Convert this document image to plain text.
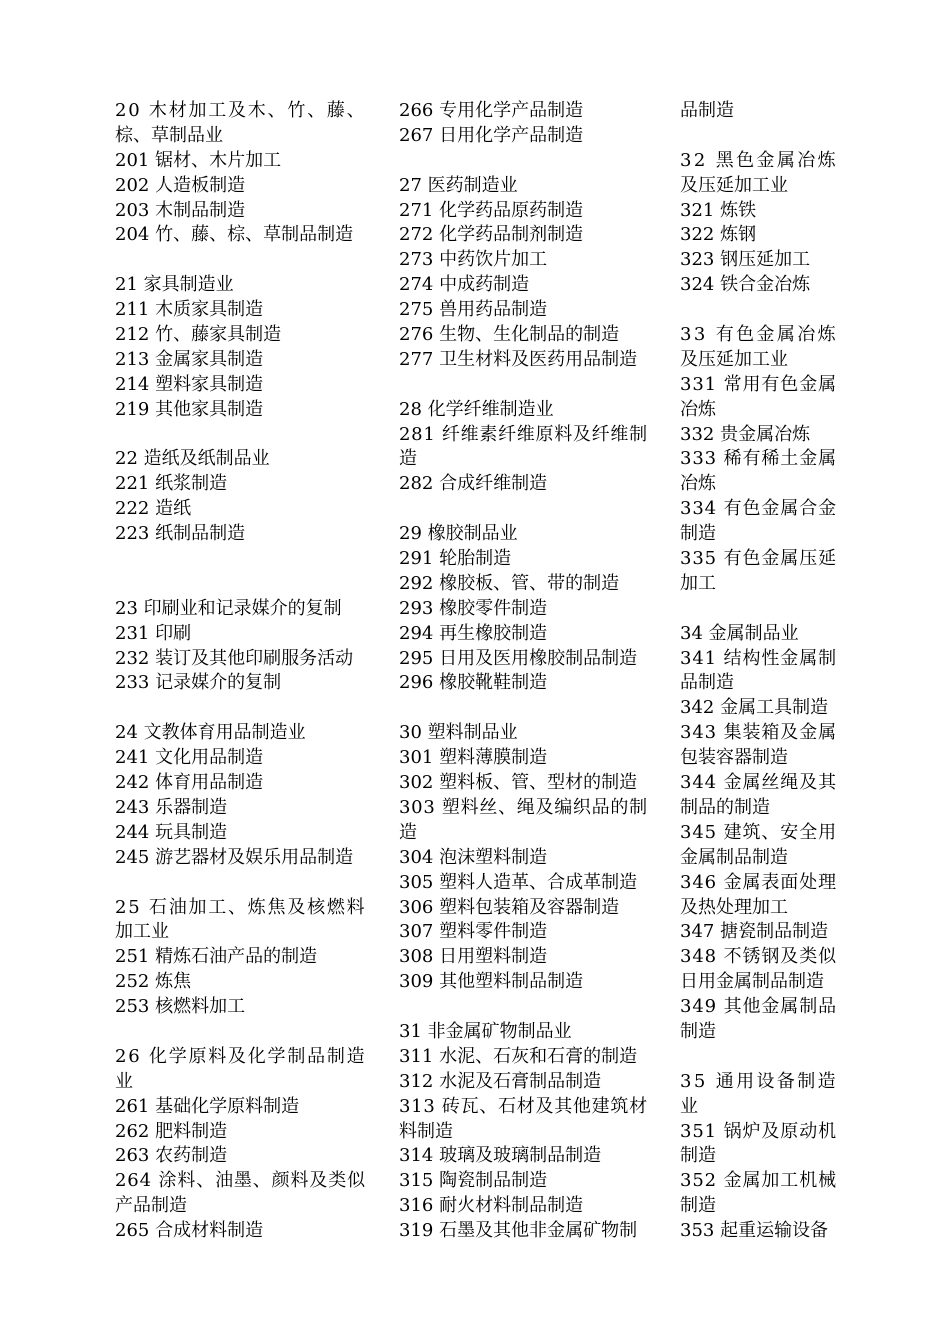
20 木材加工及木、竹、藤、
棕、草制品业
201 锯材、木片加工
202 人造板制造
203 木制品制造
204 竹、藤、棕、草制品制造
21 家具制造业
211 木质家具制造
212 竹、藤家具制造
213 金属家具制造
214 塑料家具制造
219 其他家具制造
22 造纸及纸制品业
221 纸浆制造
222 造纸
223 纸制品制造
23 印刷业和记录媒介的复制
231 印刷
232 装订及其他印刷服务活动
233 记录媒介的复制
24 文教体育用品制造业
241 文化用品制造
242 体育用品制造
243 乐器制造
244 玩具制造
245 游艺器材及娱乐用品制造
25 石油加工、炼焦及核燃料
加工业
251 精炼石油产品的制造
252 炼焦
253 核燃料加工
26 化学原料及化学制品制造
业
261 基础化学原料制造
262 肥料制造
263 农药制造
264 涂料、油墨、颜料及类似
产品制造
265 合成材料制造
266 专用化学产品制造
267 日用化学产品制造
27 医药制造业
271 化学药品原药制造
272 化学药品制剂制造
273 中药饮片加工
274 中成药制造
275 兽用药品制造
276 生物、生化制品的制造
277 卫生材料及医药用品制造
28 化学纤维制造业
281 纤维素纤维原料及纤维制
造
282 合成纤维制造
29 橡胶制品业
291 轮胎制造
292 橡胶板、管、带的制造
293 橡胶零件制造
294 再生橡胶制造
295 日用及医用橡胶制品制造
296 橡胶靴鞋制造
30 塑料制品业
301 塑料薄膜制造
302 塑料板、管、型材的制造
303 塑料丝、绳及编织品的制
造
304 泡沫塑料制造
305 塑料人造革、合成革制造
306 塑料包装箱及容器制造
307 塑料零件制造
308 日用塑料制造
309 其他塑料制品制造
31 非金属矿物制品业
311 水泥、石灰和石膏的制造
312 水泥及石膏制品制造
313 砖瓦、石材及其他建筑材
料制造
314 玻璃及玻璃制品制造
315 陶瓷制品制造
316 耐火材料制品制造
319 石墨及其他非金属矿物制
品制造
32 黑色金属冶炼
及压延加工业
321 炼铁
322 炼钢
323 钢压延加工
324 铁合金冶炼
33 有色金属冶炼
及压延加工业
331 常用有色金属
冶炼
332 贵金属冶炼
333 稀有稀土金属
冶炼
334 有色金属合金
制造
335 有色金属压延
加工
34 金属制品业
341 结构性金属制
品制造
342 金属工具制造
343 集装箱及金属
包装容器制造
344 金属丝绳及其
制品的制造
345 建筑、安全用
金属制品制造
346 金属表面处理
及热处理加工
347 搪瓷制品制造
348 不锈钢及类似
日用金属制品制造
349 其他金属制品
制造
35 通用设备制造
业
351 锅炉及原动机
制造
352 金属加工机械
制造
353 起重运输设备
